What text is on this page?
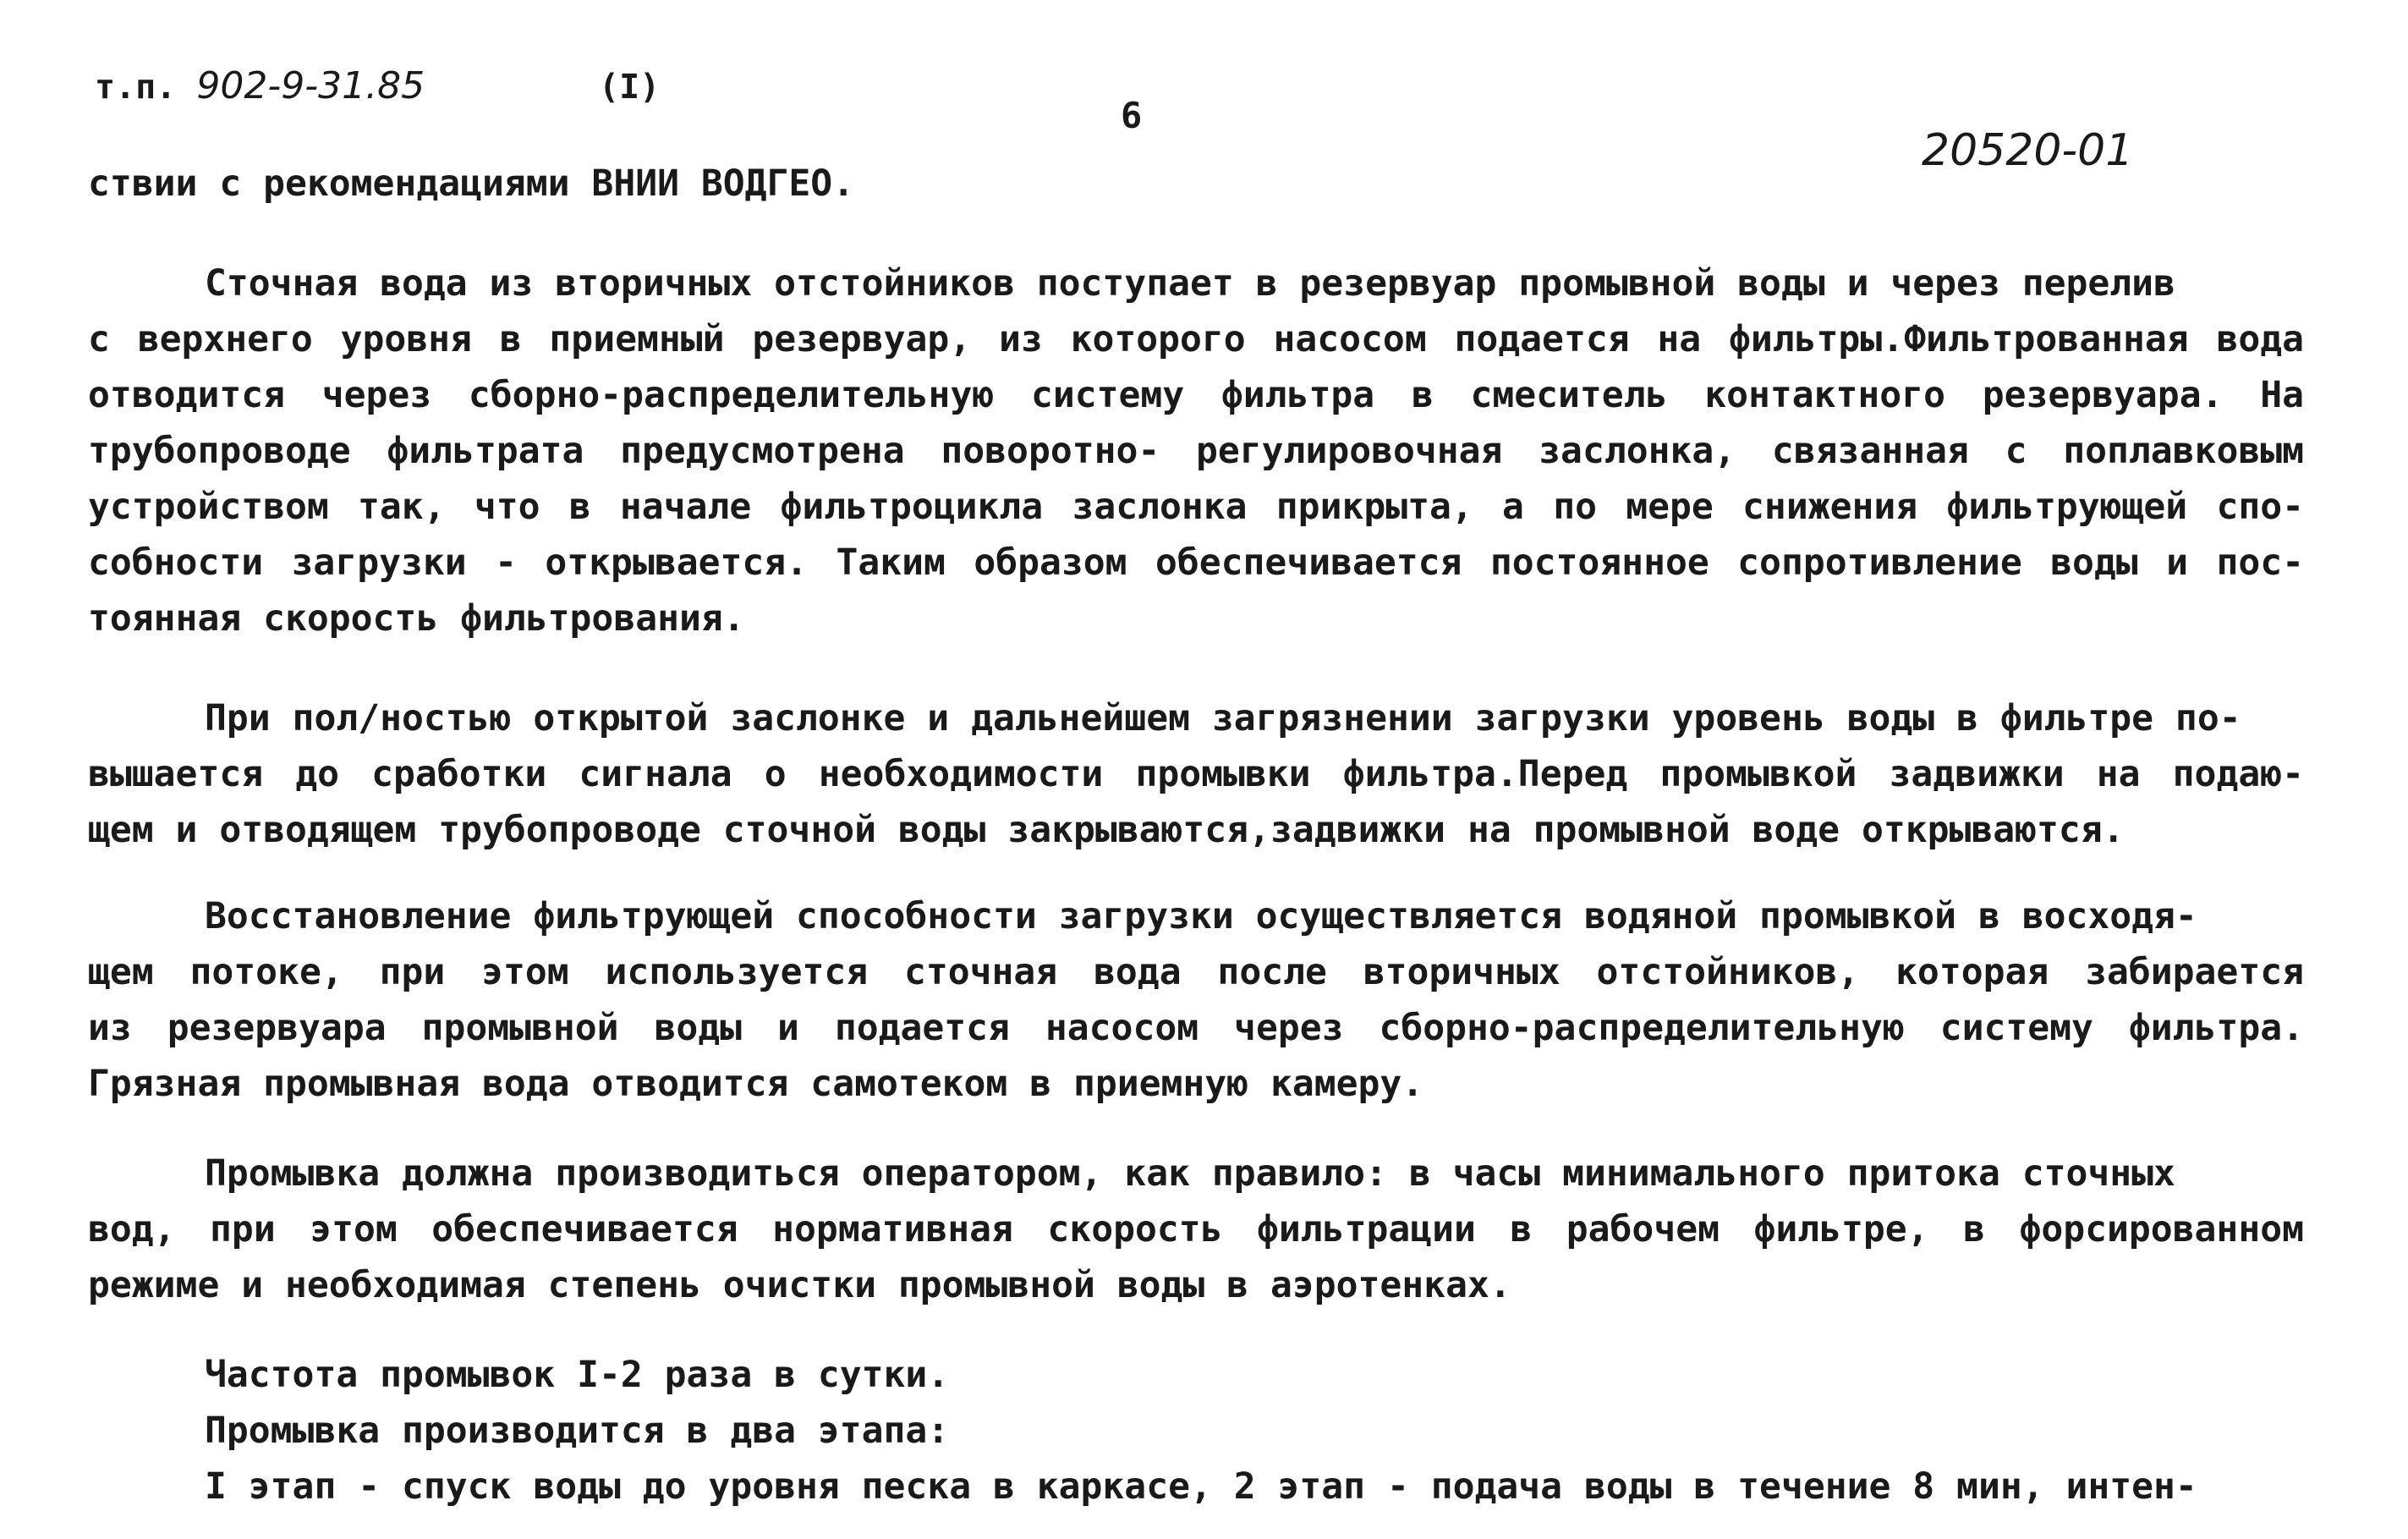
т.п. 902-9-31.85	(I)
6
20520-01
ствии с рекомендациями ВНИИ ВОДГЕО.
Сточная вода из вторичных отстойников поступает в резервуар промывной воды и через перелив
с верхнего уровня в приемный резервуар, из которого насосом подается на фильтры.Фильтрованная вода
отводится через сборно-распределительную систему фильтра в смеситель контактного резервуара. На
трубопроводе фильтрата предусмотрена поворотно- регулировочная заслонка, связанная с поплавковым
устройством так, что в начале фильтроцикла заслонка прикрыта, а по мере снижения фильтрующей спо-
собности загрузки - открывается. Таким образом обеспечивается постоянное сопротивление воды и пос-
тоянная скорость фильтрования.
При пол/ностью открытой заслонке и дальнейшем загрязнении загрузки уровень воды в фильтре по-
вышается до сработки сигнала о необходимости промывки фильтра.Перед промывкой задвижки на подаю-
щем и отводящем трубопроводе сточной воды закрываются,задвижки на промывной воде открываются.
Восстановление фильтрующей способности загрузки осуществляется водяной промывкой в восходя-
щем потоке, при этом используется сточная вода после вторичных отстойников, которая забирается
из резервуара промывной воды и подается насосом через сборно-распределительную систему фильтра.
Грязная промывная вода отводится самотеком в приемную камеру.
Промывка должна производиться оператором, как правило: в часы минимального притока сточных
вод, при этом обеспечивается нормативная скорость фильтрации в рабочем фильтре, в форсированном
режиме и необходимая степень очистки промывной воды в аэротенках.
Частота промывок I-2 раза в сутки.
Промывка производится в два этапа:
I этап - спуск воды до уровня песка в каркасе, 2 этап - подача воды в течение 8 мин, интен-
